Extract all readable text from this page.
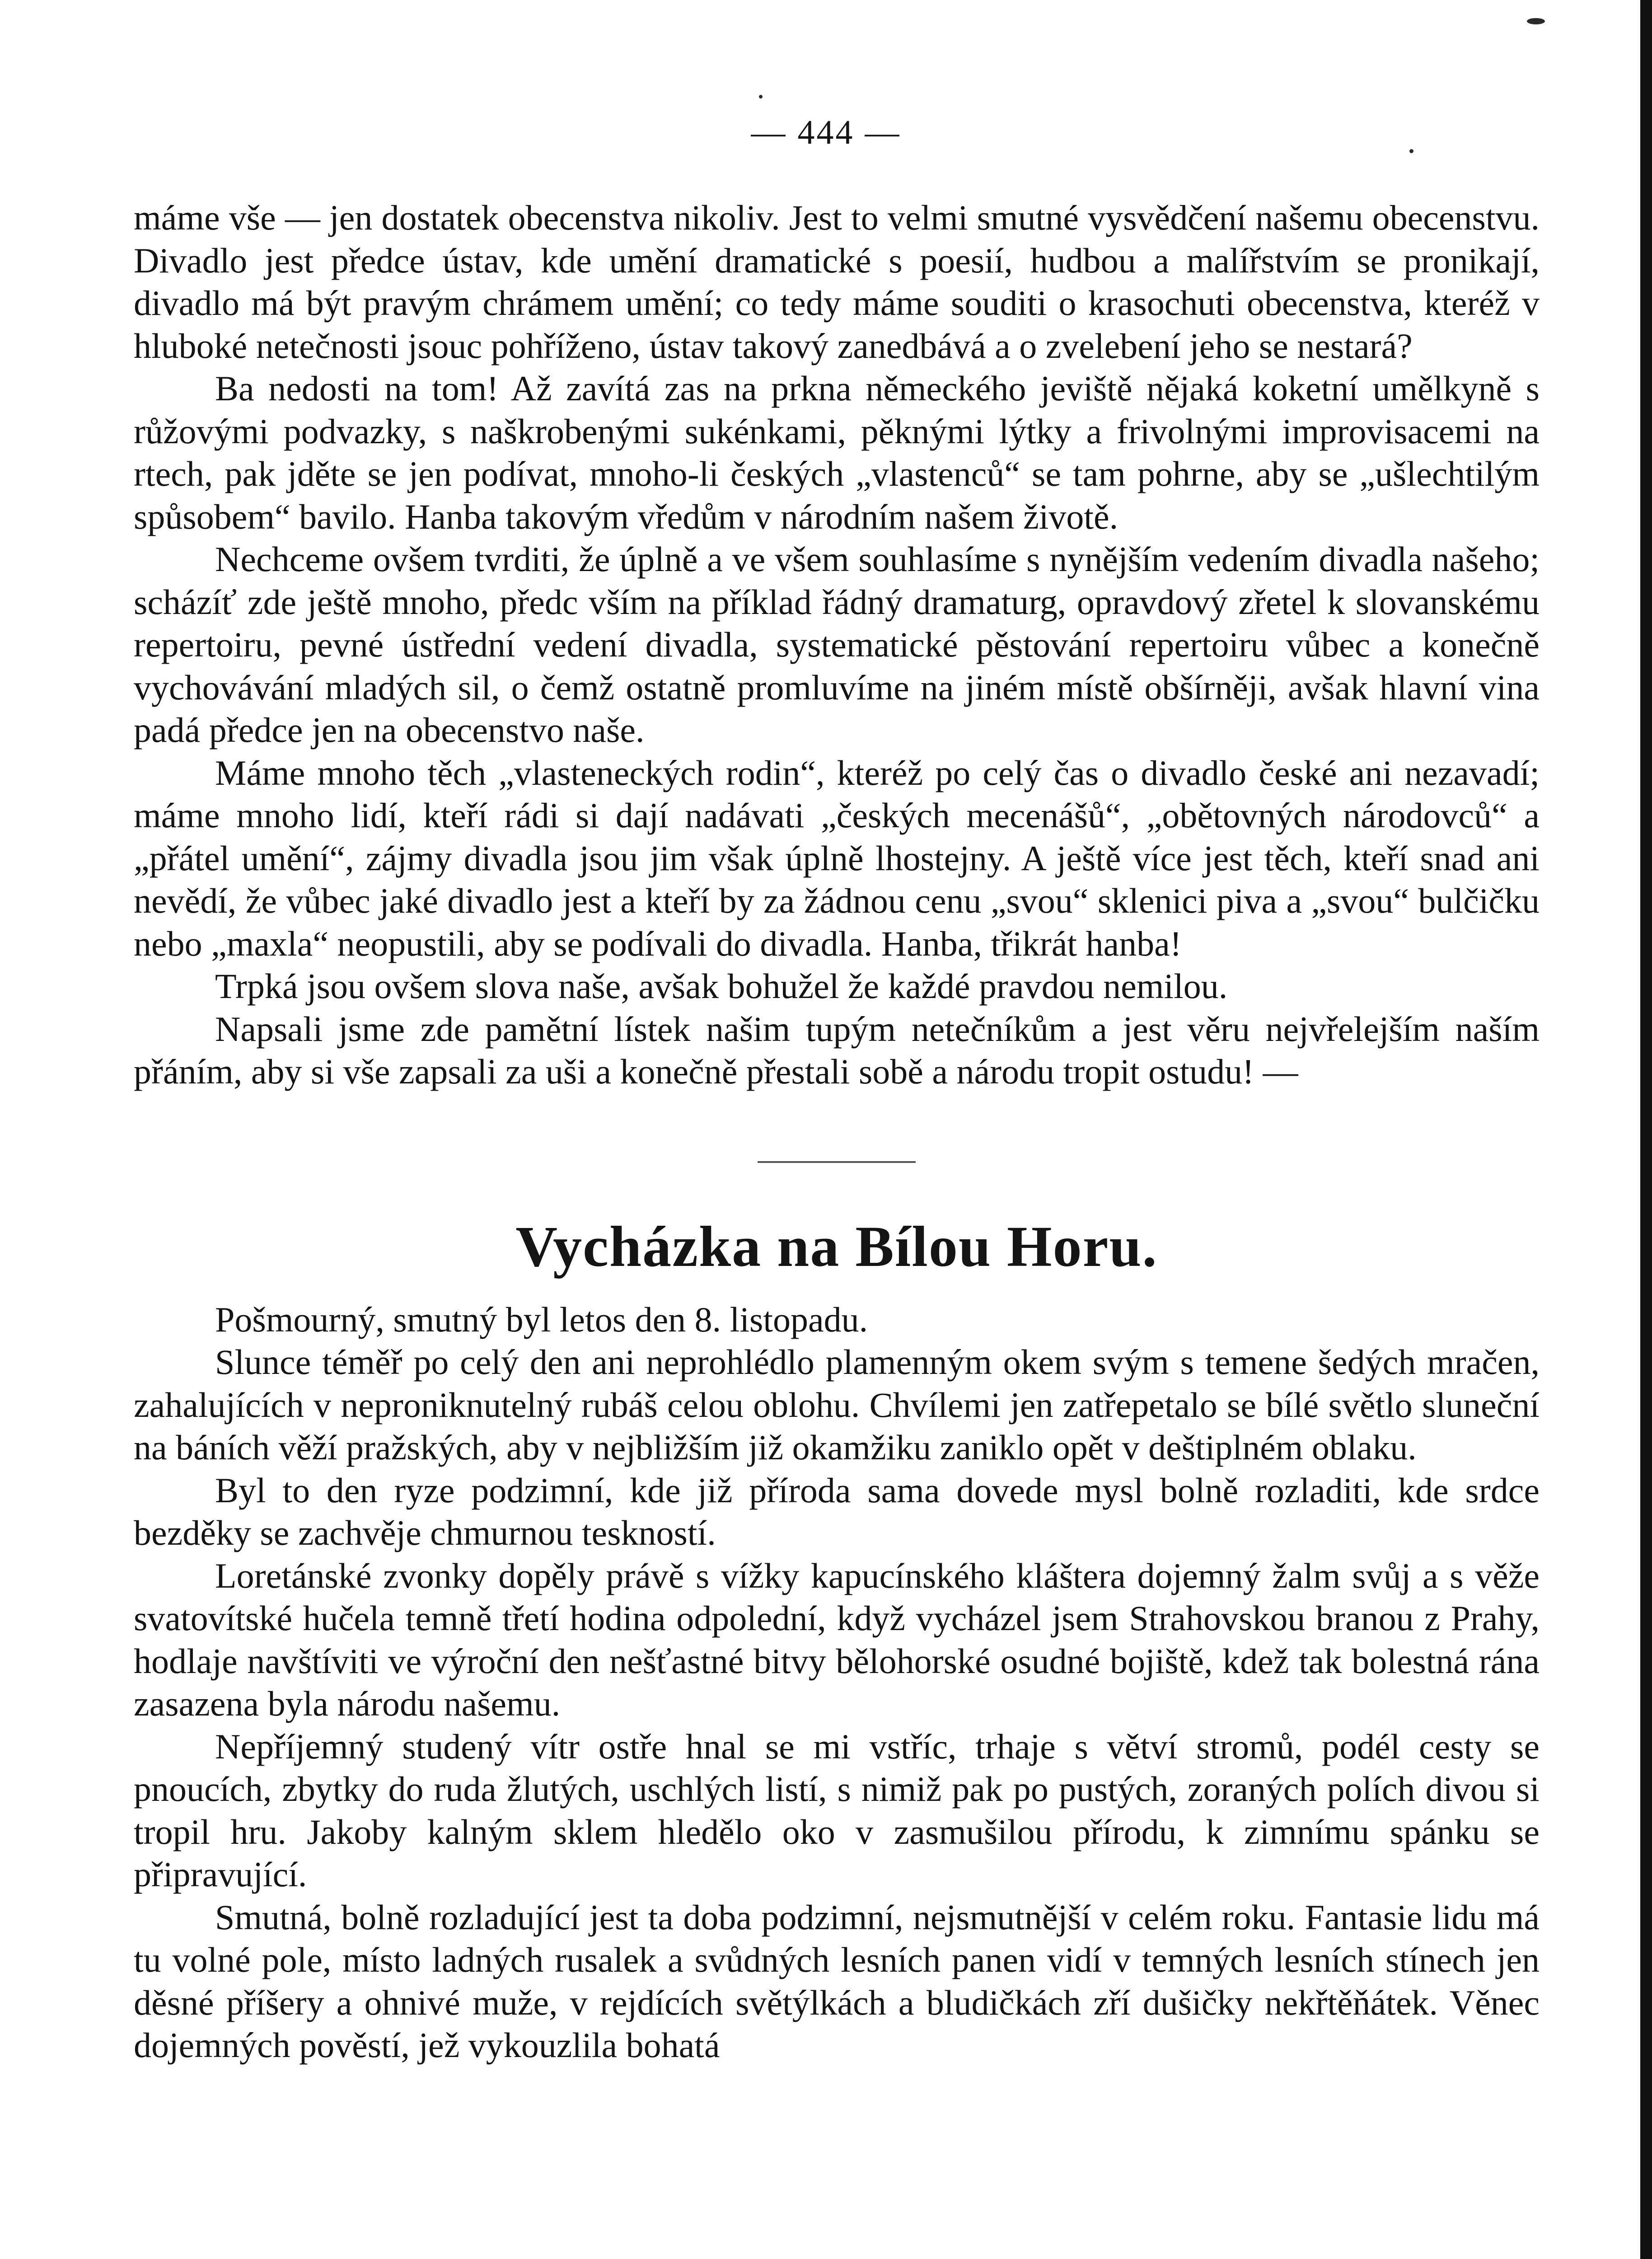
— 444 —

máme vše — jen dostatek obecenstva nikoliv. Jest to velmi smutné vysvědčení našemu obecenstvu. Divadlo jest předce ústav, kde umění dramatické s poesií, hudbou a malířstvím se pronikají, divadlo má být pravým chrámem umění; co tedy máme souditi o krasochuti obecenstva, kteréž v hluboké netečnosti jsouc pohříženo, ústav takový zanedbává a o zvelebení jeho se nestará?

Ba nedosti na tom! Až zavítá zas na prkna německého jeviště nějaká koketní umělkyně s růžovými podvazky, s naškrobenými sukénkami, pěknými lýtky a frivolnými improvisacemi na rtech, pak jděte se jen podívat, mnoho-li českých „vlastenců“ se tam pohrne, aby se „ušlechtilým spůsobem“ bavilo. Hanba takovým vředům v národním našem životě.

Nechceme ovšem tvrditi, že úplně a ve všem souhlasíme s nynějším vedením divadla našeho; scházíť zde ještě mnoho, předc vším na příklad řádný dramaturg, opravdový zřetel k slovanskému repertoiru, pevné ústřední vedení divadla, systematické pěstování repertoiru vůbec a konečně vychovávání mladých sil, o čemž ostatně promluvíme na jiném místě obšírněji, avšak hlavní vina padá předce jen na obecenstvo naše.

Máme mnoho těch „vlasteneckých rodin“, kteréž po celý čas o divadlo české ani nezavadí; máme mnoho lidí, kteří rádi si dají nadávati „českých mecenášů“, „obětovných národovců“ a „přátel umění“, zájmy divadla jsou jim však úplně lhostejny. A ještě více jest těch, kteří snad ani nevědí, že vůbec jaké divadlo jest a kteří by za žádnou cenu „svou“ sklenici piva a „svou“ bulčičku nebo „maxla“ neopustili, aby se podívali do divadla. Hanba, třikrát hanba!

Trpká jsou ovšem slova naše, avšak bohužel že každé pravdou nemilou.

Napsali jsme zde pamětní lístek našim tupým netečníkům a jest věru nejvřelejším naším přáním, aby si vše zapsali za uši a konečně přestali sobě a národu tropit ostudu! —

Vycházka na Bílou Horu.

Pošmourný, smutný byl letos den 8. listopadu.

Slunce téměř po celý den ani neprohlédlo plamenným okem svým s temene šedých mračen, zahalujících v neproniknutelný rubáš celou oblohu. Chvílemi jen zatřepetalo se bílé světlo sluneční na báních věží pražských, aby v nejbližším již okamžiku zaniklo opět v deštiplném oblaku.

Byl to den ryze podzimní, kde již příroda sama dovede mysl bolně rozladiti, kde srdce bezděky se zachvěje chmurnou teskností.

Loretánské zvonky dopěly právě s vížky kapucínského kláštera dojemný žalm svůj a s věže svatovítské hučela temně třetí hodina odpolední, když vycházel jsem Strahovskou branou z Prahy, hodlaje navštíviti ve výroční den nešťastné bitvy bělohorské osudné bojiště, kdež tak bolestná rána zasazena byla národu našemu.

Nepříjemný studený vítr ostře hnal se mi vstříc, trhaje s větví stromů, podél cesty se pnoucích, zbytky do ruda žlutých, uschlých listí, s nimiž pak po pustých, zoraných polích divou si tropil hru. Jakoby kalným sklem hledělo oko v zasmušilou přírodu, k zimnímu spánku se připravující.

Smutná, bolně rozladující jest ta doba podzimní, nejsmutnější v celém roku. Fantasie lidu má tu volné pole, místo ladných rusalek a svůdných lesních panen vidí v temných lesních stínech jen děsné příšery a ohnivé muže, v rejdících světýlkách a bludičkách zří dušičky nekřtěňátek. Věnec dojemných pověstí, jež vykouzlila bohatá
